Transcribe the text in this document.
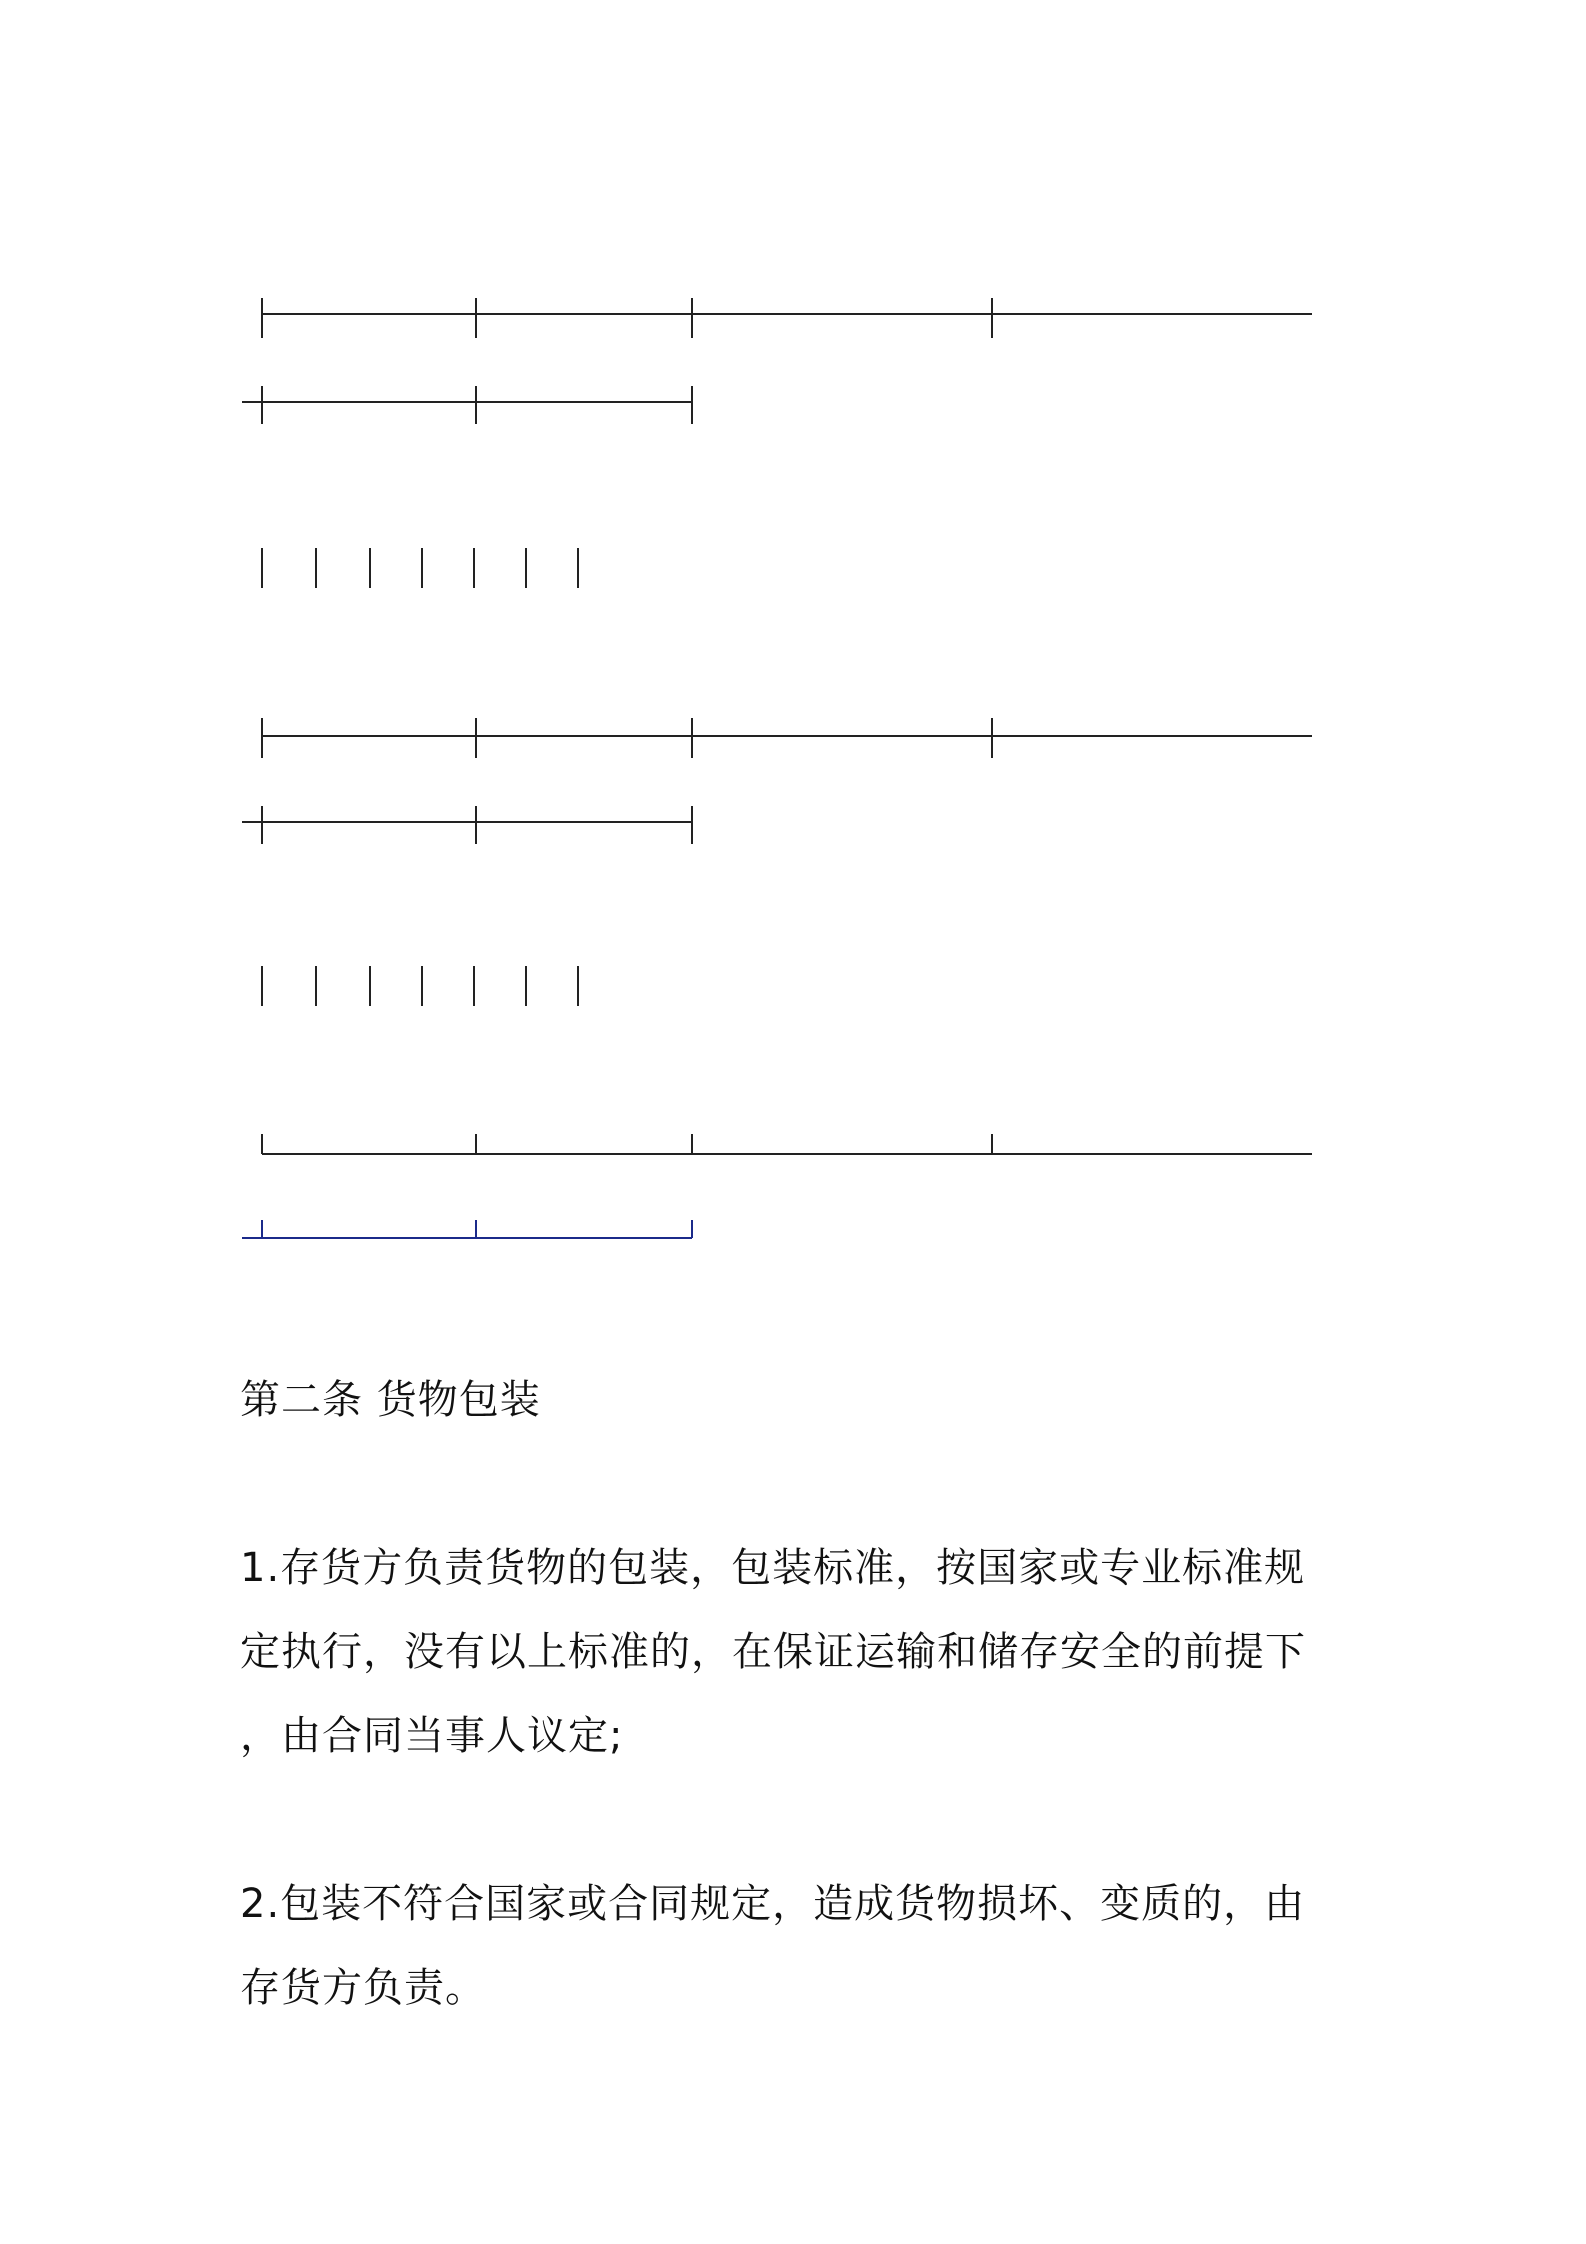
第二条 货物包装

1.存货方负责货物的包装，包装标准，按国家或专业标准规
定执行，没有以上标准的，在保证运输和储存安全的前提下
，由合同当事人议定;

2.包装不符合国家或合同规定，造成货物损坏、变质的，由
存货方负责。
